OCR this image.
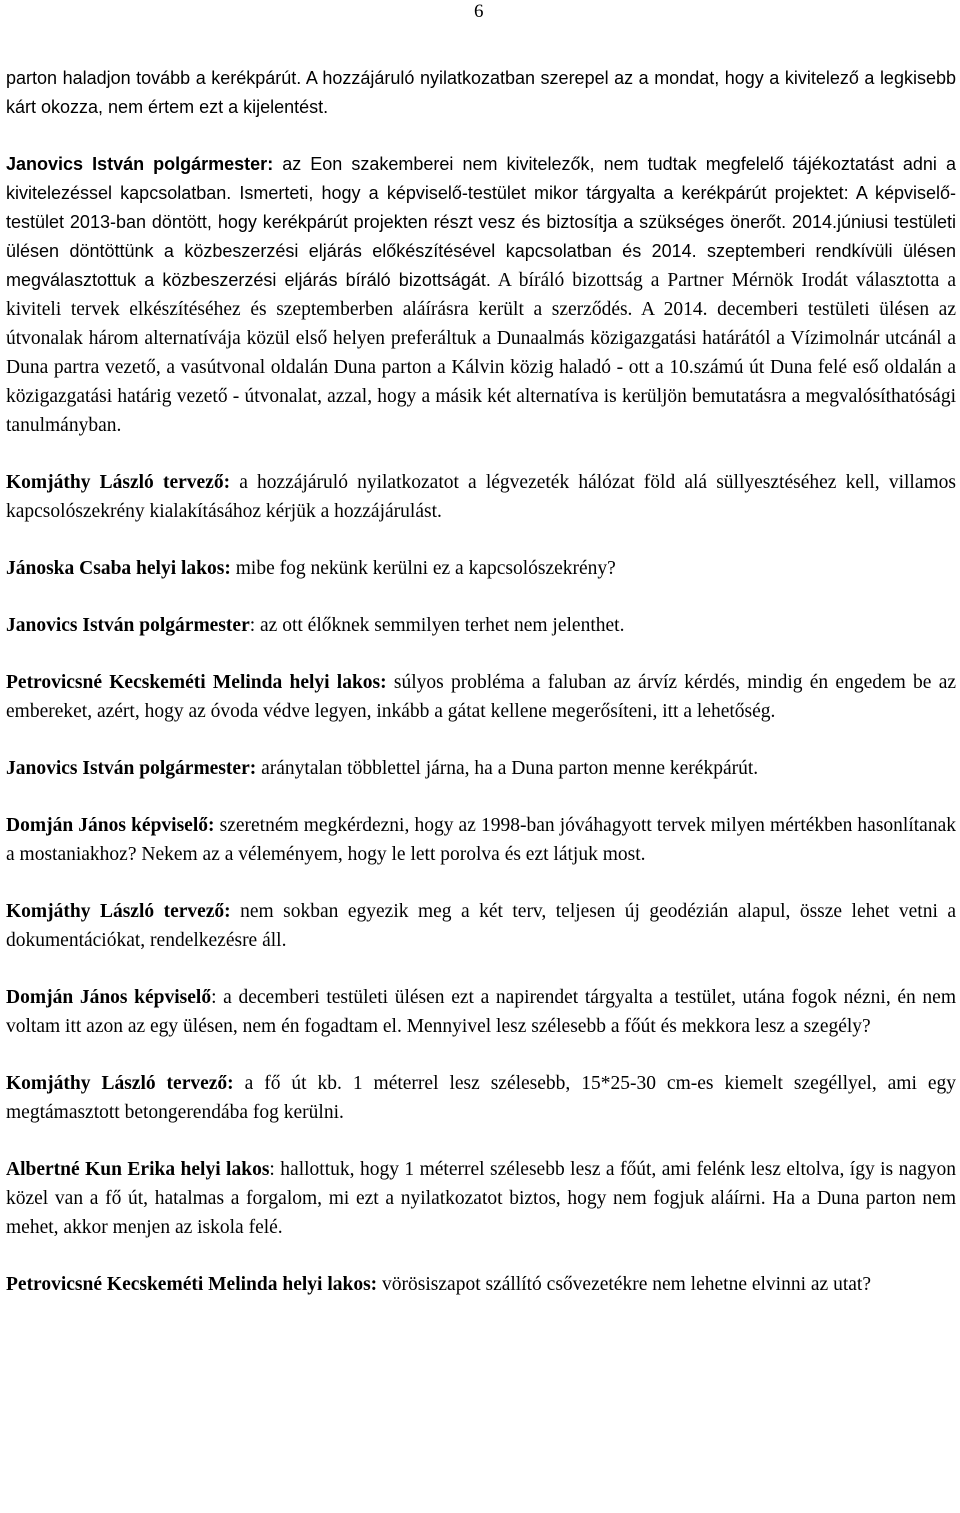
6

parton haladjon tovább a kerékpárút. A hozzájáruló nyilatkozatban szerepel az a mondat, hogy a kivitelező a legkisebb kárt okozza, nem értem ezt a kijelentést.

Janovics István polgármester: az Eon szakemberei nem kivitelezők, nem tudtak megfelelő tájékoztatást adni a kivitelezéssel kapcsolatban. Ismerteti, hogy a képviselő-testület mikor tárgyalta a kerékpárút projektet: A képviselő-testület 2013-ban döntött, hogy kerékpárút projekten részt vesz és biztosítja a szükséges önerőt. 2014.júniusi testületi ülésen döntöttünk a közbeszerzési eljárás előkészítésével kapcsolatban és 2014. szeptemberi rendkívüli ülésen megválasztottuk a közbeszerzési eljárás bíráló bizottságát. A bíráló bizottság a Partner Mérnök Irodát választotta a kiviteli tervek elkészítéséhez és szeptemberben aláírásra került a szerződés. A 2014. decemberi testületi ülésen az útvonalak három alternatívája közül első helyen preferáltuk a Dunaalmás közigazgatási határától a Vízimolnár utcánál a Duna partra vezető, a vasútvonal oldalán Duna parton a Kálvin közig haladó - ott a 10.számú út Duna felé eső oldalán a közigazgatási határig vezető - útvonalat, azzal, hogy a másik két alternatíva is kerüljön bemutatásra a megvalósíthatósági tanulmányban.

Komjáthy László tervező: a hozzájáruló nyilatkozatot a légvezeték hálózat föld alá süllyesztéséhez kell, villamos kapcsolószekrény kialakításához kérjük a hozzájárulást.

Jánoska Csaba helyi lakos: mibe fog nekünk kerülni ez a kapcsolószekrény?

Janovics István polgármester: az ott élőknek semmilyen terhet nem jelenthet.

Petrovicsné Kecskeméti Melinda helyi lakos: súlyos probléma a faluban az árvíz kérdés, mindig én engedem be az embereket, azért, hogy az óvoda védve legyen, inkább a gátat kellene megerősíteni, itt a lehetőség.

Janovics István polgármester: aránytalan többlettel járna, ha a Duna parton menne kerékpárút.

Domján János képviselő: szeretném megkérdezni, hogy az 1998-ban jóváhagyott tervek milyen mértékben hasonlítanak a mostaniakhoz? Nekem az a véleményem, hogy le lett porolva és ezt látjuk most.

Komjáthy László tervező: nem sokban egyezik meg a két terv, teljesen új geodézián alapul, össze lehet vetni a dokumentációkat, rendelkezésre áll.

Domján János képviselő: a decemberi testületi ülésen ezt a napirendet tárgyalta a testület, utána fogok nézni, én nem voltam itt azon az egy ülésen, nem én fogadtam el. Mennyivel lesz szélesebb a főút és mekkora lesz a szegély?

Komjáthy László tervező: a fő út kb. 1 méterrel lesz szélesebb, 15*25-30 cm-es kiemelt szegéllyel, ami egy megtámasztott betongerendába fog kerülni.

Albertné Kun Erika helyi lakos: hallottuk, hogy 1 méterrel szélesebb lesz a főút, ami felénk lesz eltolva, így is nagyon közel van a fő út, hatalmas a forgalom, mi ezt a nyilatkozatot biztos, hogy nem fogjuk aláírni. Ha a Duna parton nem mehet, akkor menjen az iskola felé.

Petrovicsné Kecskeméti Melinda helyi lakos: vörösiszapot szállító csővezetékre nem lehetne elvinni az utat?
